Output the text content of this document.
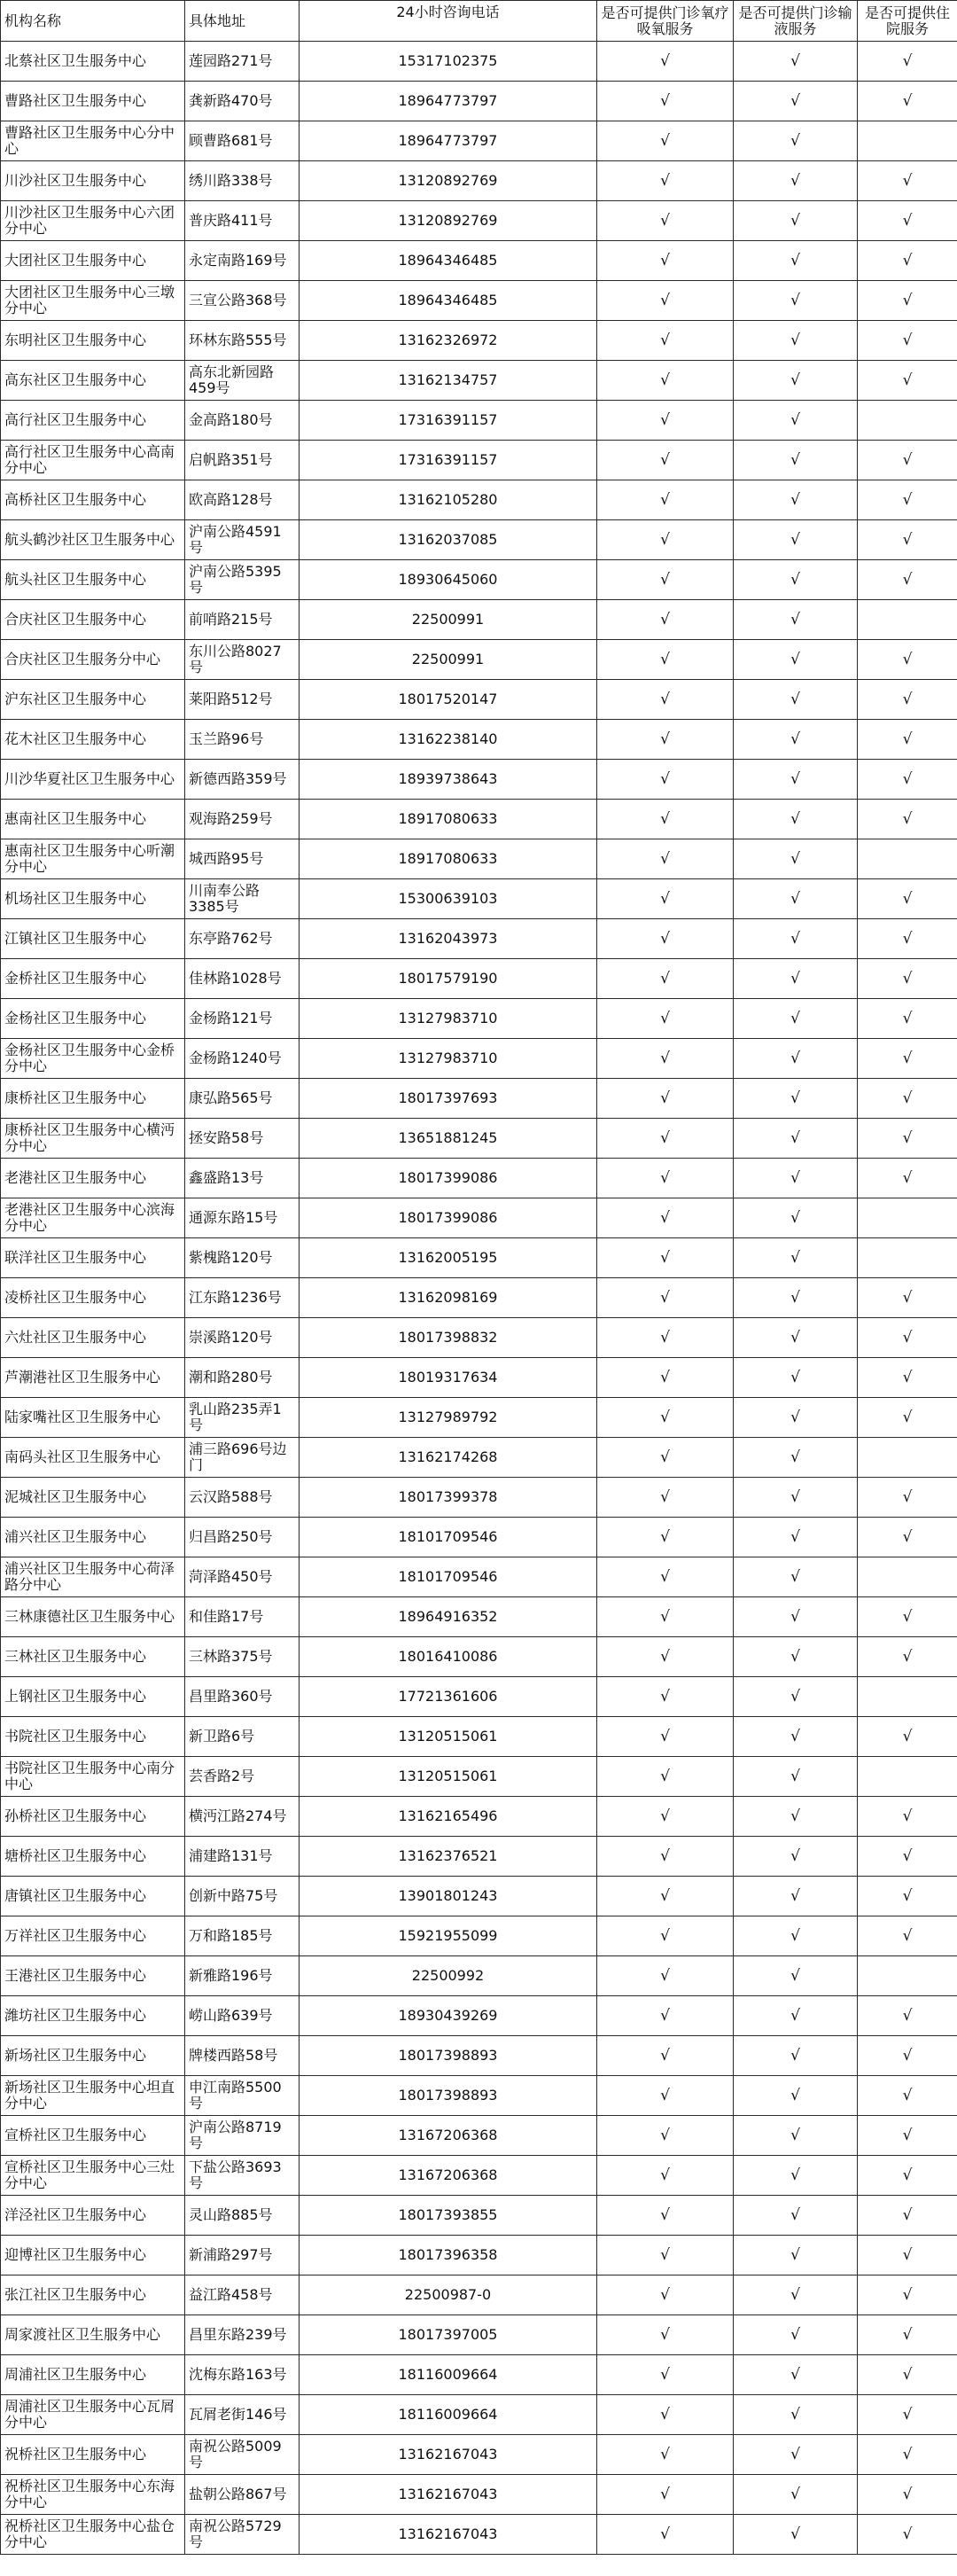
机构名称	具体地址	24小时咨询电话	是否可提供门诊氧疗吸氧服务	是否可提供门诊输液服务	是否可提供住院服务
北蔡社区卫生服务中心	莲园路271号	15317102375	√	√	√
曹路社区卫生服务中心	龚新路470号	18964773797	√	√	√
曹路社区卫生服务中心分中心	顾曹路681号	18964773797	√	√	
川沙社区卫生服务中心	绣川路338号	13120892769	√	√	√
川沙社区卫生服务中心六团分中心	普庆路411号	13120892769	√	√	√
大团社区卫生服务中心	永定南路169号	18964346485	√	√	√
大团社区卫生服务中心三墩分中心	三宣公路368号	18964346485	√	√	√
东明社区卫生服务中心	环林东路555号	13162326972	√	√	√
高东社区卫生服务中心	高东北新园路459号	13162134757	√	√	√
高行社区卫生服务中心	金高路180号	17316391157	√	√	
高行社区卫生服务中心高南分中心	启帆路351号	17316391157	√	√	√
高桥社区卫生服务中心	欧高路128号	13162105280	√	√	√
航头鹤沙社区卫生服务中心	沪南公路4591号	13162037085	√	√	√
航头社区卫生服务中心	沪南公路5395号	18930645060	√	√	√
合庆社区卫生服务中心	前哨路215号	22500991	√	√	
合庆社区卫生服务分中心	东川公路8027号	22500991	√	√	√
沪东社区卫生服务中心	莱阳路512号	18017520147	√	√	√
花木社区卫生服务中心	玉兰路96号	13162238140	√	√	√
川沙华夏社区卫生服务中心	新德西路359号	18939738643	√	√	√
惠南社区卫生服务中心	观海路259号	18917080633	√	√	√
惠南社区卫生服务中心听潮分中心	城西路95号	18917080633	√	√	
机场社区卫生服务中心	川南奉公路3385号	15300639103	√	√	√
江镇社区卫生服务中心	东亭路762号	13162043973	√	√	√
金桥社区卫生服务中心	佳林路1028号	18017579190	√	√	√
金杨社区卫生服务中心	金杨路121号	13127983710	√	√	√
金杨社区卫生服务中心金桥分中心	金杨路1240号	13127983710	√	√	√
康桥社区卫生服务中心	康弘路565号	18017397693	√	√	√
康桥社区卫生服务中心横沔分中心	拯安路58号	13651881245	√	√	√
老港社区卫生服务中心	鑫盛路13号	18017399086	√	√	√
老港社区卫生服务中心滨海分中心	通源东路15号	18017399086	√	√	
联洋社区卫生服务中心	紫槐路120号	13162005195	√	√	
凌桥社区卫生服务中心	江东路1236号	13162098169	√	√	√
六灶社区卫生服务中心	崇溪路120号	18017398832	√	√	√
芦潮港社区卫生服务中心	潮和路280号	18019317634	√	√	√
陆家嘴社区卫生服务中心	乳山路235弄1号	13127989792	√	√	√
南码头社区卫生服务中心	浦三路696号边门	13162174268	√	√	
泥城社区卫生服务中心	云汉路588号	18017399378	√	√	√
浦兴社区卫生服务中心	归昌路250号	18101709546	√	√	√
浦兴社区卫生服务中心荷泽路分中心	菏泽路450号	18101709546	√	√	
三林康德社区卫生服务中心	和佳路17号	18964916352	√	√	√
三林社区卫生服务中心	三林路375号	18016410086	√	√	√
上钢社区卫生服务中心	昌里路360号	17721361606	√	√	
书院社区卫生服务中心	新卫路6号	13120515061	√	√	√
书院社区卫生服务中心南分中心	芸香路2号	13120515061	√	√	
孙桥社区卫生服务中心	横沔江路274号	13162165496	√	√	√
塘桥社区卫生服务中心	浦建路131号	13162376521	√	√	√
唐镇社区卫生服务中心	创新中路75号	13901801243	√	√	√
万祥社区卫生服务中心	万和路185号	15921955099	√	√	√
王港社区卫生服务中心	新雅路196号	22500992	√	√	
潍坊社区卫生服务中心	崂山路639号	18930439269	√	√	√
新场社区卫生服务中心	牌楼西路58号	18017398893	√	√	√
新场社区卫生服务中心坦直分中心	申江南路5500号	18017398893	√	√	√
宣桥社区卫生服务中心	沪南公路8719号	13167206368	√	√	√
宣桥社区卫生服务中心三灶分中心	下盐公路3693号	13167206368	√	√	√
洋泾社区卫生服务中心	灵山路885号	18017393855	√	√	√
迎博社区卫生服务中心	新浦路297号	18017396358	√	√	√
张江社区卫生服务中心	益江路458号	22500987-0	√	√	√
周家渡社区卫生服务中心	昌里东路239号	18017397005	√	√	√
周浦社区卫生服务中心	沈梅东路163号	18116009664	√	√	√
周浦社区卫生服务中心瓦屑分中心	瓦屑老街146号	18116009664	√	√	√
祝桥社区卫生服务中心	南祝公路5009号	13162167043	√	√	√
祝桥社区卫生服务中心东海分中心	盐朝公路867号	13162167043	√	√	√
祝桥社区卫生服务中心盐仓分中心	南祝公路5729号	13162167043	√	√	√
